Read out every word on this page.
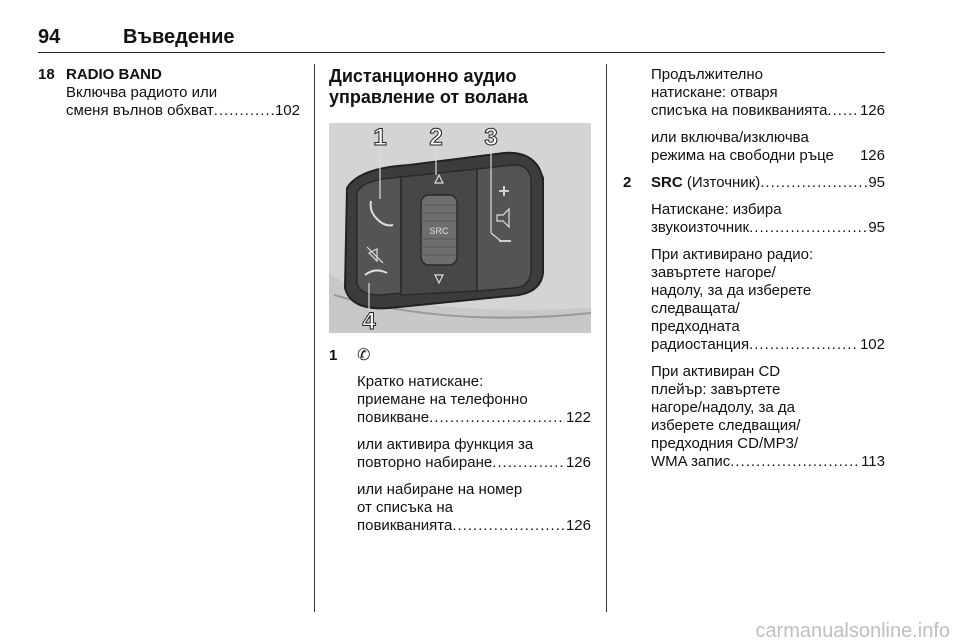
94	Въведение
18 RADIO BAND
Включва радиото или
сменя вълнов обхват .....	102
Дистанционно аудио
управление от волана
SRC
1 2 3
4
1 ✆
Кратко натискане:
приемане на телефонно
повикване .....	122
или активира функция за
повторно набиране .....	126
или набиране на номер
от списъка на
повикванията .....	126
Продължително
натискане: отваря
списъка на повикванията ..... 126
или включва/изключва
режима на свободни ръце 126
2 SRC
(Източник) .....	95
Натискане: избира
звукоизточник .....	95
При активирано радио:
завъртете нагоре/
надолу, за да изберете
следващата/
предходната
радиостанция .....	102
При активиран CD
плейър: завъртете
нагоре/надолу, за да
изберете следващия/
предходния CD/MP3/
WMA запис .....	113
carmanualsonline.info
